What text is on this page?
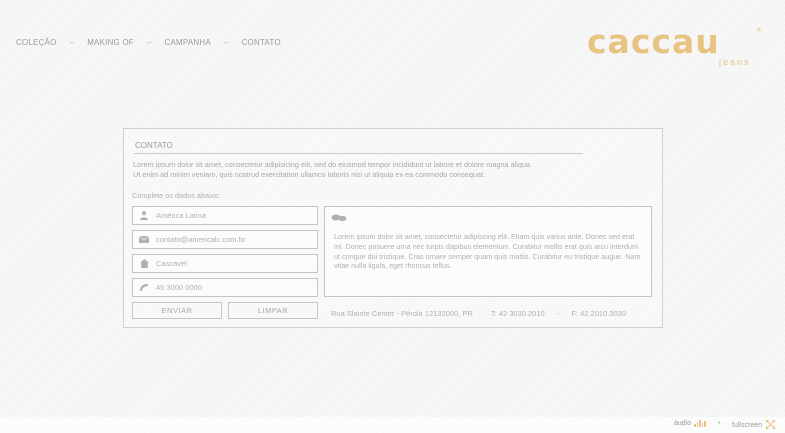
COLEÇÃO – MAKING OF – CAMPANHA – CONTATO	caccau	®
jeans
CONTATO
Lorem ipsum dolor sit amet, consectetur adipisicing elit, sed do eiusmod tempor incididunt ut labore et dolore magna aliqua.
Ut enim ad minim veniam, quis nostrud exercitation ullamco laboris nisi ut aliquip ex ea commodo consequat.
Complete os dados abaixo:
América Latina
contato@americalc.com.br
Cascavel
45 3000 0000
ENVIAR	LIMPAR
Lorem ipsum dolor sit amet, consectetur adipiscing elit. Etiam quis varius ante. Donec sed erat mi. Donec posuere urna nec turpis dapibus elementum. Curabitur mollis erat quis arcu interdum ut congue dui tristique. Cras ornare semper quam quis mattis. Curabitur eu tristique augue. Nam vitae nulla ligula, eget rhoncus tellus.
Rua Slainte Center - Pérola 12132000, PR T: 42 3030.2010 - F: 42 2010.3030
áudio	• fullscreen
